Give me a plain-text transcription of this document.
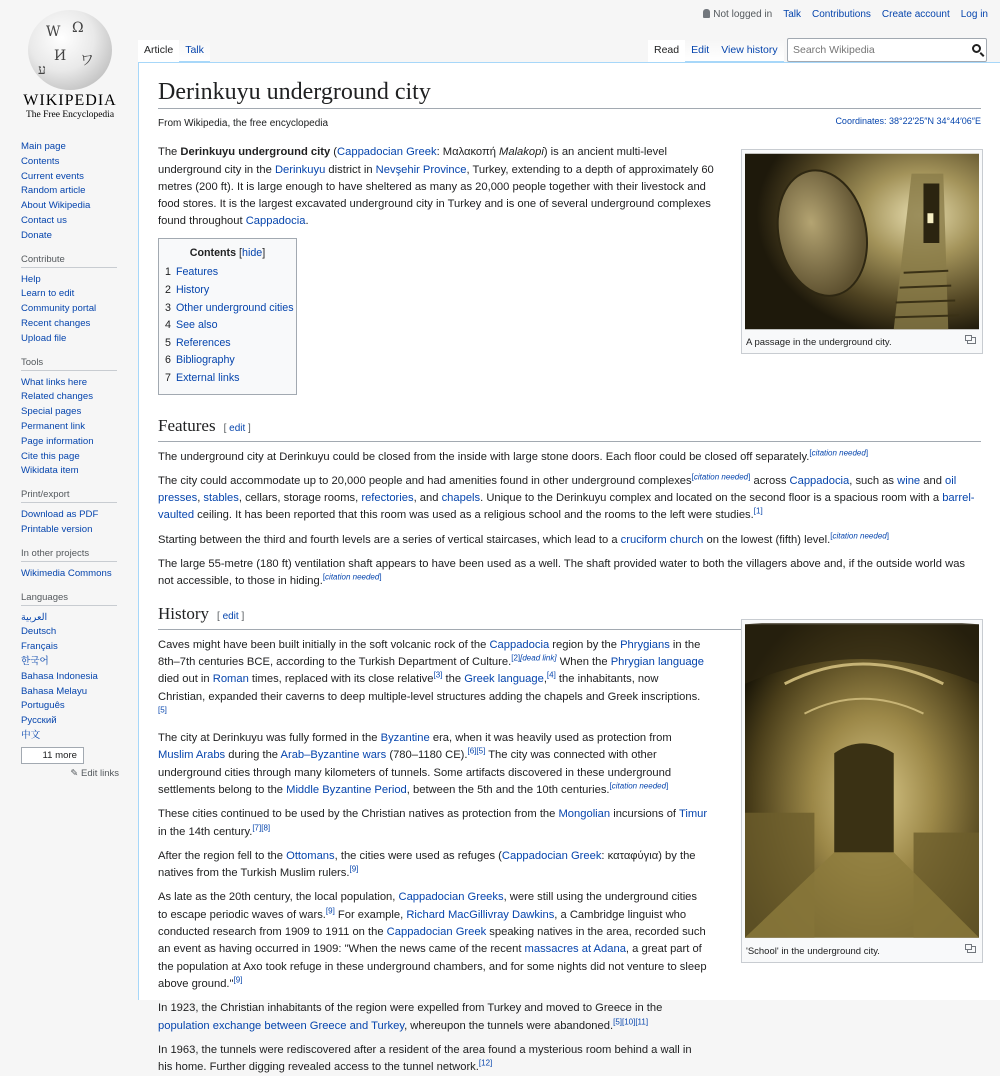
W Ω
И ワ
ע
WIKIPEDIA
The Free Encyclopedia
Not logged in Talk Contributions Create account Log in
Article	Talk	Read	Edit	View history
Search Wikipedia
Main page
Contents
Current events
Random article
About Wikipedia
Contact us
Donate
Contribute
Help
Learn to edit
Community portal
Recent changes
Upload file
Tools
What links here
Related changes
Special pages
Permanent link
Page information
Cite this page
Wikidata item
Print/export
Download as PDF
Printable version
In other projects
Wikimedia Commons
Languages
العربية
Deutsch
Français
한국어
Bahasa Indonesia
Bahasa Melayu
Português
Русский
中文
11 more
✎ Edit links
Derinkuyu underground city
Coordinates: 38°22′25″N 34°44′06″E
From Wikipedia, the free encyclopedia
A passage in the underground city.
The Derinkuyu underground city (Cappadocian Greek: Μαλακοπή Malakopi) is an ancient multi-level underground city in the Derinkuyu district in Nevşehir Province, Turkey, extending to a depth of approximately 60 metres (200 ft). It is large enough to have sheltered as many as 20,000 people together with their livestock and food stores. It is the largest excavated underground city in Turkey and is one of several underground complexes found throughout Cappadocia.
Contents [hide]
1 Features
2 History
3 Other underground cities
4 See also
5 References
6 Bibliography
7 External links
Features [ edit ]
The underground city at Derinkuyu could be closed from the inside with large stone doors. Each floor could be closed off separately.[citation needed]
The city could accommodate up to 20,000 people and had amenities found in other underground complexes[citation needed] across Cappadocia, such as wine and oil presses, stables, cellars, storage rooms, refectories, and chapels. Unique to the Derinkuyu complex and located on the second floor is a spacious room with a barrel-vaulted ceiling. It has been reported that this room was used as a religious school and the rooms to the left were studies.[1]
Starting between the third and fourth levels are a series of vertical staircases, which lead to a cruciform church on the lowest (fifth) level.[citation needed]
The large 55-metre (180 ft) ventilation shaft appears to have been used as a well. The shaft provided water to both the villagers above and, if the outside world was not accessible, to those in hiding.[citation needed]
History [ edit ]
'School' in the underground city.
Caves might have been built initially in the soft volcanic rock of the Cappadocia region by the Phrygians in the 8th–7th centuries BCE, according to the Turkish Department of Culture.[2][dead link] When the Phrygian language died out in Roman times, replaced with its close relative[3] the Greek language,[4] the inhabitants, now Christian, expanded their caverns to deep multiple-level structures adding the chapels and Greek inscriptions.[5]
The city at Derinkuyu was fully formed in the Byzantine era, when it was heavily used as protection from Muslim Arabs during the Arab–Byzantine wars (780–1180 CE).[6][5] The city was connected with other underground cities through many kilometers of tunnels. Some artifacts discovered in these underground settlements belong to the Middle Byzantine Period, between the 5th and the 10th centuries.[citation needed]
These cities continued to be used by the Christian natives as protection from the Mongolian incursions of Timur in the 14th century.[7][8]
After the region fell to the Ottomans, the cities were used as refuges (Cappadocian Greek: καταφύγια) by the natives from the Turkish Muslim rulers.[9]
As late as the 20th century, the local population, Cappadocian Greeks, were still using the underground cities to escape periodic waves of wars.[9] For example, Richard MacGillivray Dawkins, a Cambridge linguist who conducted research from 1909 to 1911 on the Cappadocian Greek speaking natives in the area, recorded such an event as having occurred in 1909: "When the news came of the recent massacres at Adana, a great part of the population at Axo took refuge in these underground chambers, and for some nights did not venture to sleep above ground."[9]
In 1923, the Christian inhabitants of the region were expelled from Turkey and moved to Greece in the population exchange between Greece and Turkey, whereupon the tunnels were abandoned.[5][10][11]
In 1963, the tunnels were rediscovered after a resident of the area found a mysterious room behind a wall in his home. Further digging revealed access to the tunnel network.[12]
